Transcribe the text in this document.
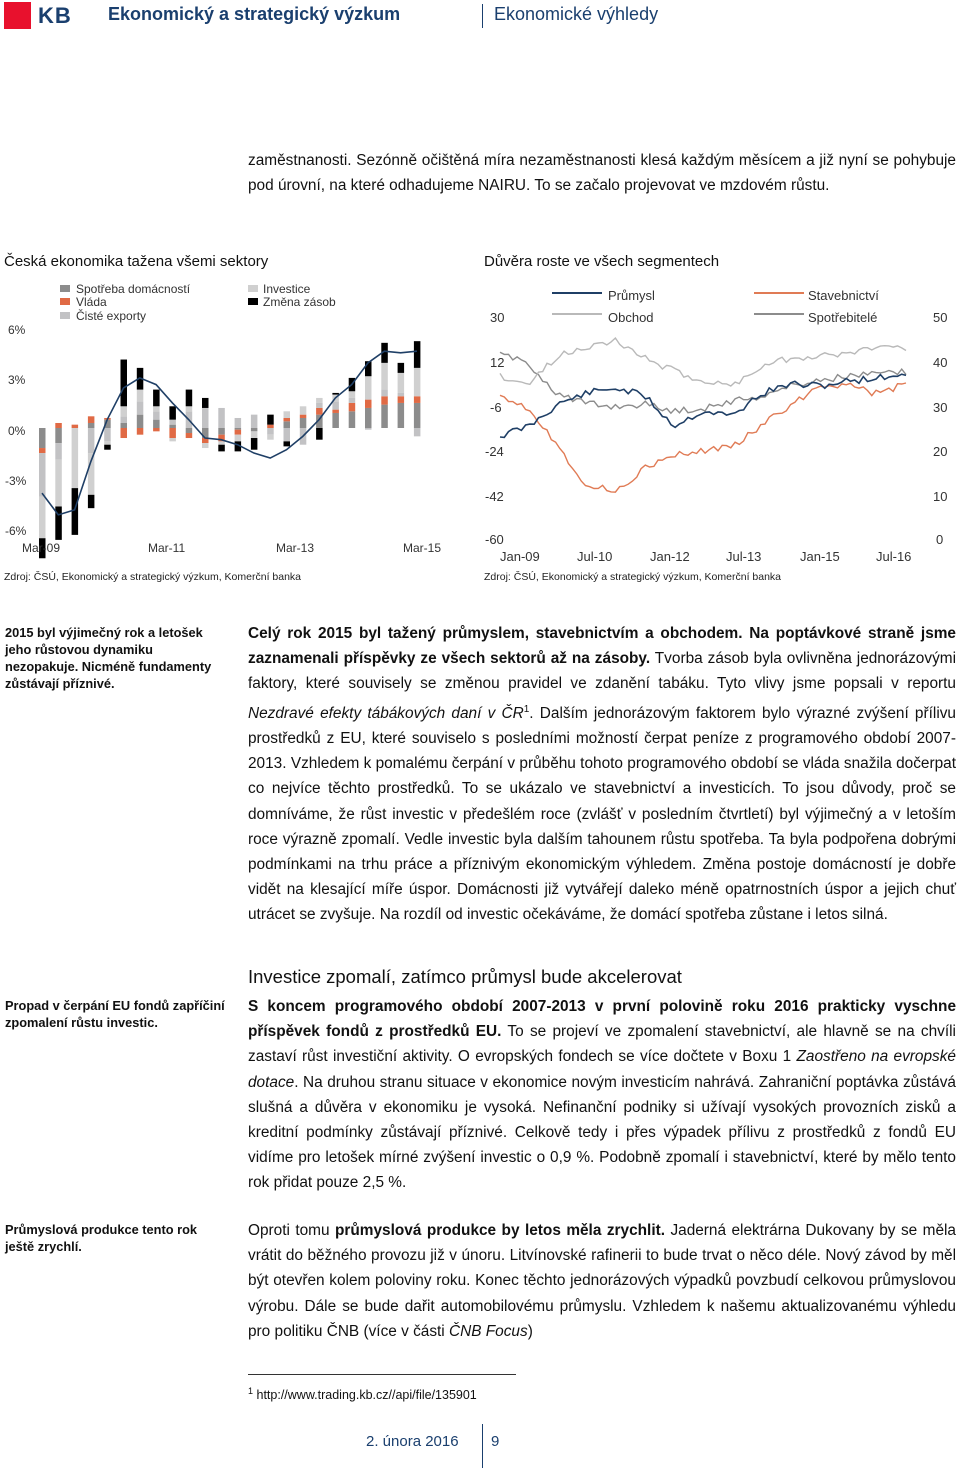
KB Ekonomický a strategický výzkum	Ekonomické výhledy
zaměstnanosti. Sezónně očištěná míra nezaměstnanosti klesá každým měsícem a již nyní se pohybuje pod úrovní, na které odhadujeme NAIRU. To se začalo projevovat ve mzdovém růstu.
Česká ekonomika tažena všemi sektory
Spotřeba domácností
Vláda
Čisté exporty
Investice
Změna zásob
6%
3%
0%
-3%
-6%
Mar-09	Mar-11	Mar-13	Mar-15
Zdroj: ČSÚ, Ekonomický a strategický výzkum, Komerční banka
Důvěra roste ve všech segmentech
Průmysl
Obchod
Stavebnictví
Spotřebitelé
30
12
-6
-24
-42
-60
50
40
30
20
10
0
Jan-09	Jul-10	Jan-12	Jul-13	Jan-15	Jul-16
Zdroj: ČSÚ, Ekonomický a strategický výzkum, Komerční banka
2015 byl výjimečný rok a letošek jeho růstovou dynamiku nezopakuje. Nicméně fundamenty zůstávají příznivé.
Propad v čerpání EU fondů zapříčiní zpomalení růstu investic.
Průmyslová produkce tento rok ještě zrychlí.
Celý rok 2015 byl tažený průmyslem, stavebnictvím a obchodem. Na poptávkové straně jsme zaznamenali příspěvky ze všech sektorů až na zásoby. Tvorba zásob byla ovlivněna jednorázovými faktory, které souvisely se změnou pravidel ve zdanění tabáku. Tyto vlivy jsme popsali v reportu Nezdravé efekty tábákových daní v $ČR^1$. Dalším jednorázovým faktorem bylo výrazné zvýšení přílivu prostředků z EU, které souviselo s posledními možností čerpat peníze z programového období 2007-2013. Vzhledem k pomalému čerpání v průběhu tohoto programového období se vláda snažila dočerpat co nejvíce těchto prostředků. To se ukázalo ve stavebnictví a investicích. To jsou důvody, proč se domníváme, že růst investic v předešlém roce (zvlášť v posledním čtvrtletí) byl výjimečný a v letoším roce výrazně zpomalí. Vedle investic byla dalším tahounem růstu spotřeba. Ta byla podpořena dobrými podmínkami na trhu práce a příznivým ekonomickým výhledem. Změna postoje domácností je dobře vidět na klesající míře úspor. Domácnosti již vytvářejí daleko méně opatrnostních úspor a jejich chuť utrácet se zvyšuje. Na rozdíl od investic očekáváme, že domácí spotřeba zůstane i letos silná.
Investice zpomalí, zatímco průmysl bude akcelerovat
S koncem programového období 2007-2013 v první polovině roku 2016 prakticky vyschne příspěvek fondů z prostředků EU. To se projeví ve zpomalení stavebnictví, ale hlavně se na chvíli zastaví růst investiční aktivity. O evropských fondech se více dočtete v Boxu 1 Zaostřeno na evropské dotace. Na druhou stranu situace v ekonomice novým investicím nahrává. Zahraniční poptávka zůstává slušná a důvěra v ekonomiku je vysoká. Nefinanční podniky si užívají vysokých provozních zisků a kreditní podmínky zůstávají příznivé. Celkově tedy i přes výpadek přílivu z prostředků z fondů EU vidíme pro letošek mírné zvýšení investic o 0,9 %. Podobně zpomalí i stavebnictví, které by mělo tento rok přidat pouze 2,5 %.
Oproti tomu průmyslová produkce by letos měla zrychlit. Jaderná elektrárna Dukovany by se měla vrátit do běžného provozu již v únoru. Litvínovské rafinerii to bude trvat o něco déle. Nový závod by měl být otevřen kolem poloviny roku. Konec těchto jednorázových výpadků povzbudí celkovou průmyslovou výrobu. Dále se bude dařit automobilovému průmyslu. Vzhledem k našemu aktualizovanému výhledu pro politiku ČNB (více v části ČNB Focus)
$^1$ http://www.trading.kb.cz//api/file/135901
2. února 2016 9
